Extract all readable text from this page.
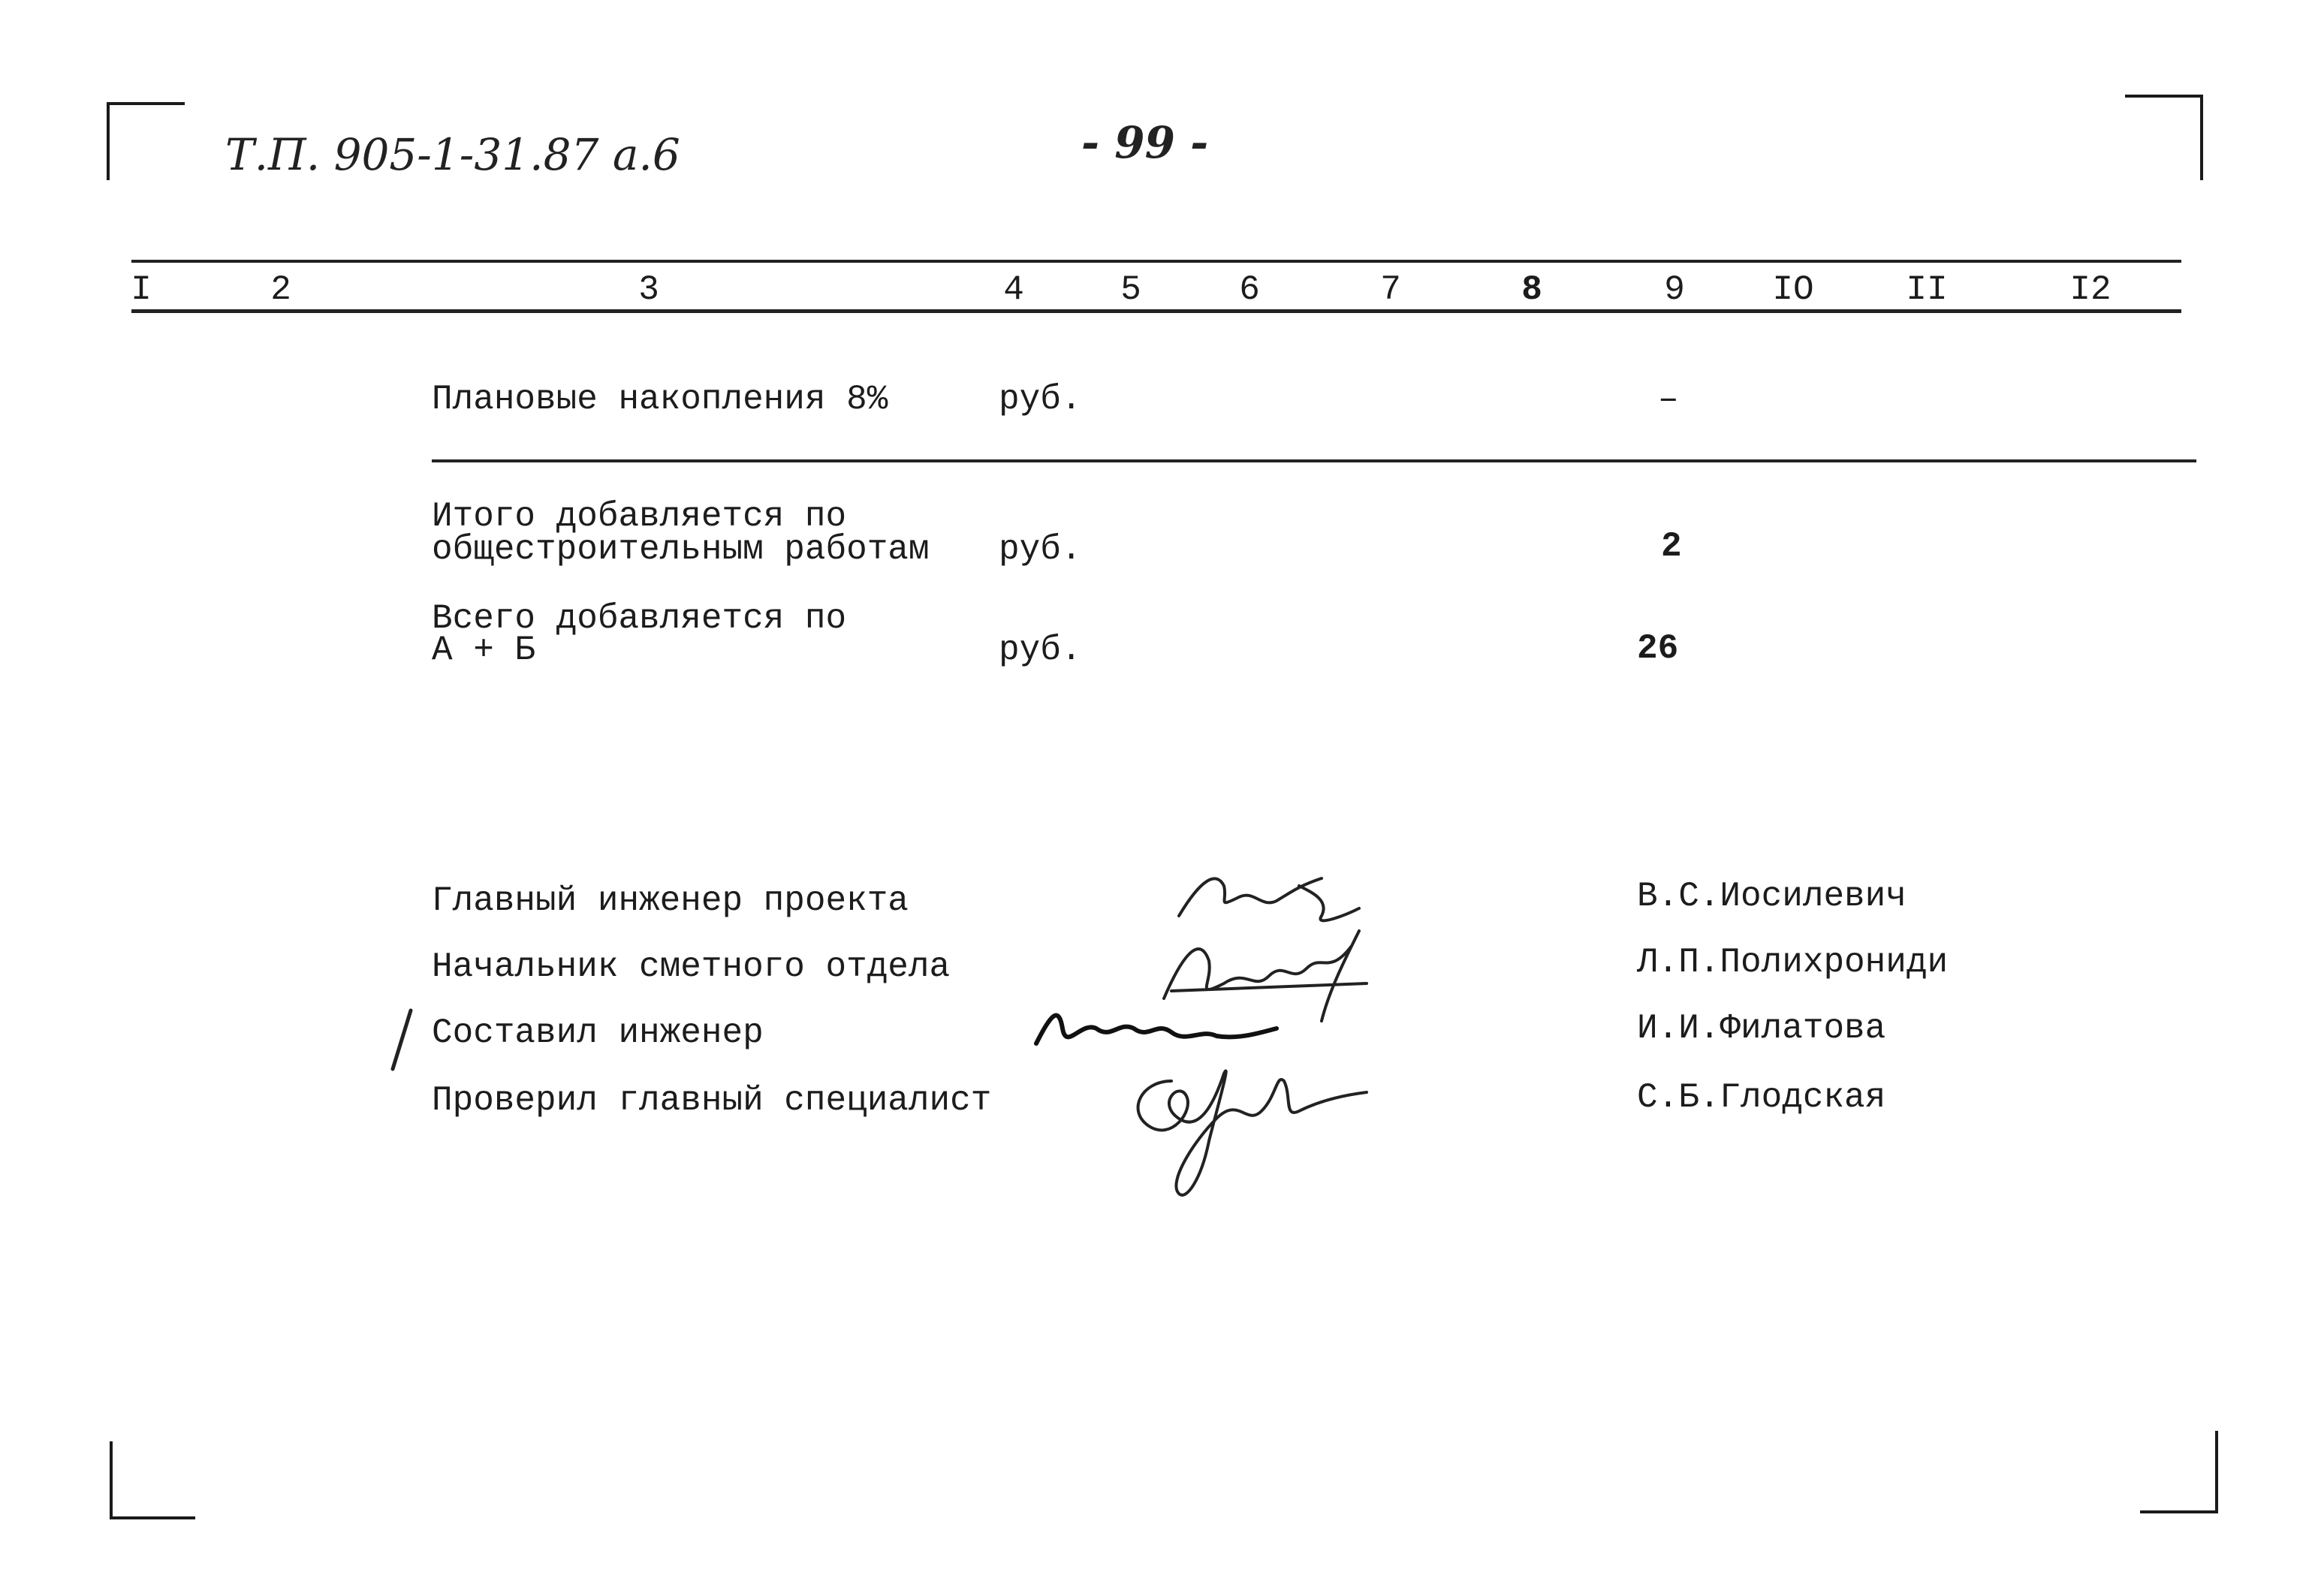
Т.П. 905-1-31.87 а.6	- 99 -
I	2	3	4	5	6	7	8	9	IO	II	I2
Плановые накопления 8%	руб.	–
Итого добавляется по
общестроительным работам руб.	2
Всего добавляется по
А + Б	руб.	26
Главный инженер проекта	В.С.Иосилевич
Начальник сметного отдела	Л.П.Полихрониди
Составил инженер	И.И.Филатова
Проверил главный специалист	С.Б.Глодская
